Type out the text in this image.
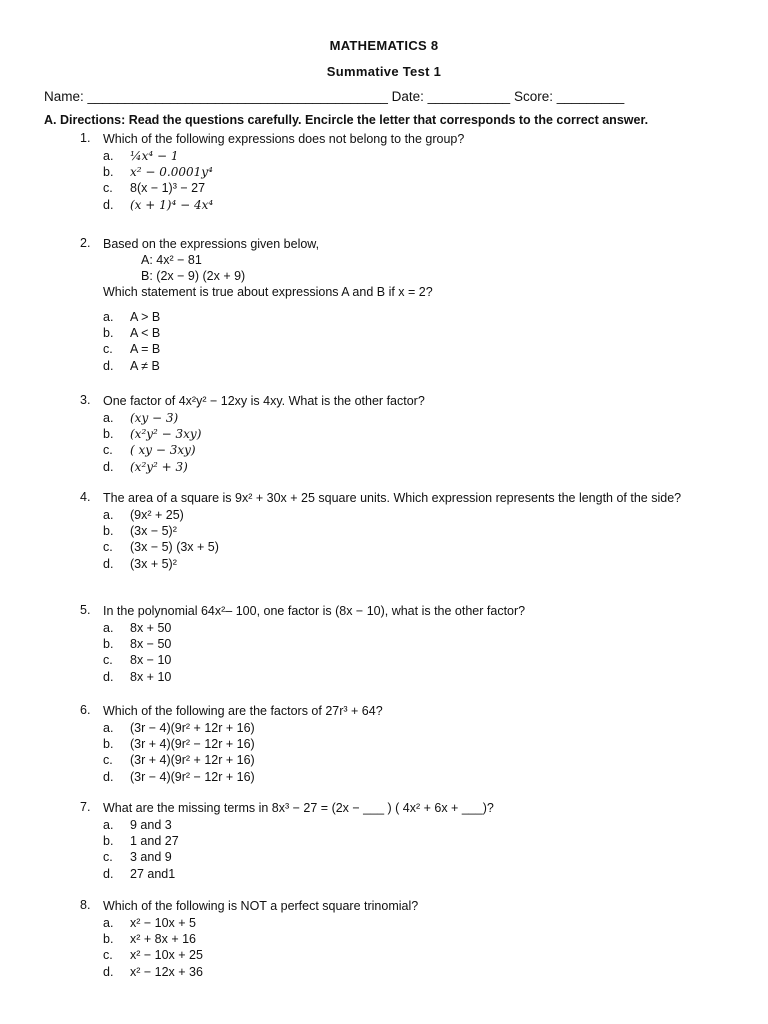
MATHEMATICS 8
Summative Test 1
Name: ________________________________________ Date: ___________ Score: _________
A. Directions: Read the questions carefully. Encircle the letter that corresponds to the correct answer.
1. Which of the following expressions does not belong to the group?
a. ¼x⁴ − 1
b. x² − 0.0001y⁴
c. 8(x − 1)³ − 27
d. (x + 1)⁴ − 4x⁴
2. Based on the expressions given below,
A: 4x² − 81
B: (2x − 9) (2x + 9)
Which statement is true about expressions A and B if x = 2?
a. A > B
b. A < B
c. A = B
d. A ≠ B
3. One factor of 4x²y² − 12xy is 4xy. What is the other factor?
a. (xy − 3)
b. (x²y² − 3xy)
c. ( xy − 3xy)
d. (x²y² + 3)
4. The area of a square is 9x² + 30x + 25 square units. Which expression represents the length of the side?
a. (9x² + 25)
b. (3x − 5)²
c. (3x − 5) (3x + 5)
d. (3x + 5)²
5. In the polynomial 64x²– 100, one factor is (8x − 10), what is the other factor?
a. 8x + 50
b. 8x − 50
c. 8x − 10
d. 8x + 10
6. Which of the following are the factors of 27r³ + 64?
a. (3r − 4)(9r² + 12r + 16)
b. (3r + 4)(9r² − 12r + 16)
c. (3r + 4)(9r² + 12r + 16)
d. (3r − 4)(9r² − 12r + 16)
7. What are the missing terms in 8x³ − 27 = (2x − ___ ) ( 4x² + 6x + ___)?
a. 9 and 3
b. 1 and 27
c. 3 and 9
d. 27 and1
8. Which of the following is NOT a perfect square trinomial?
a. x² − 10x + 5
b. x² + 8x + 16
c. x² − 10x + 25
d. x² − 12x + 36
